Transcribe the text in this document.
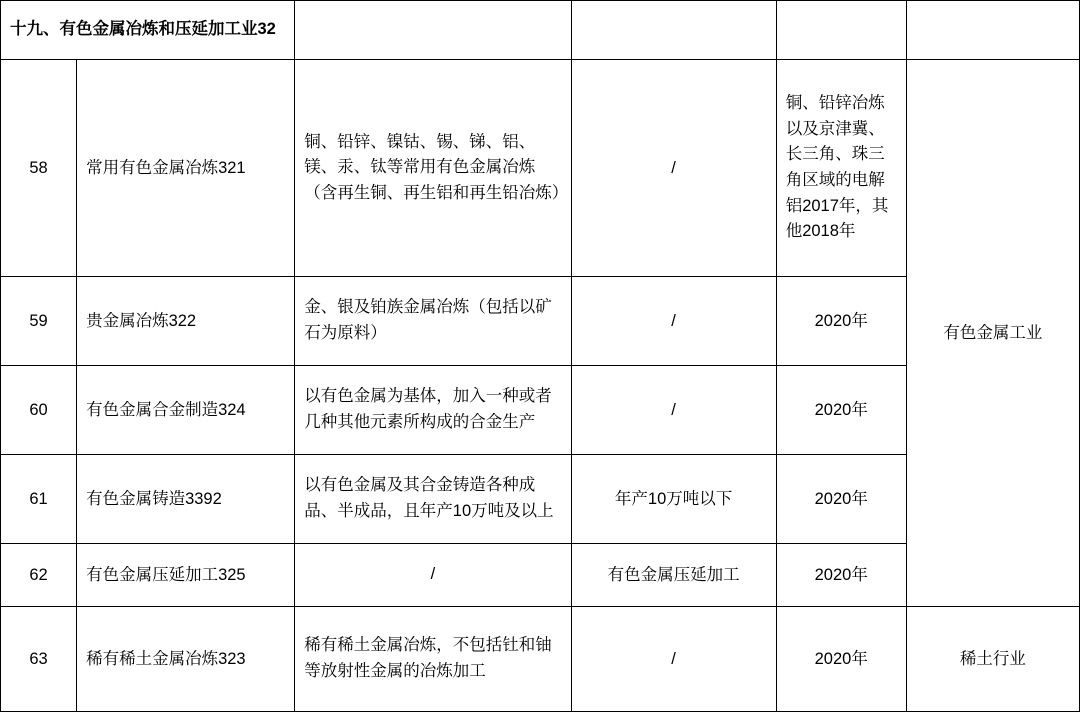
十九、有色金属冶炼和压延加工业32					
58	常用有色金属冶炼321	铜、铅锌、镍钴、锡、锑、铝、镁、汞、钛等常用有色金属冶炼（含再生铜、再生铝和再生铅冶炼）	/	铜、铅锌冶炼以及京津冀、长三角、珠三角区域的电解铝2017年，其他2018年	有色金属工业
59	贵金属冶炼322	金、银及铂族金属冶炼（包括以矿石为原料）	/	2020年	
60	有色金属合金制造324	以有色金属为基体，加入一种或者几种其他元素所构成的合金生产	/	2020年	
61	有色金属铸造3392	以有色金属及其合金铸造各种成品、半成品，且年产10万吨及以上	年产10万吨以下	2020年	
62	有色金属压延加工325	/	有色金属压延加工	2020年	
63	稀有稀土金属冶炼323	稀有稀土金属冶炼，不包括钍和铀等放射性金属的冶炼加工	/	2020年	稀土行业
